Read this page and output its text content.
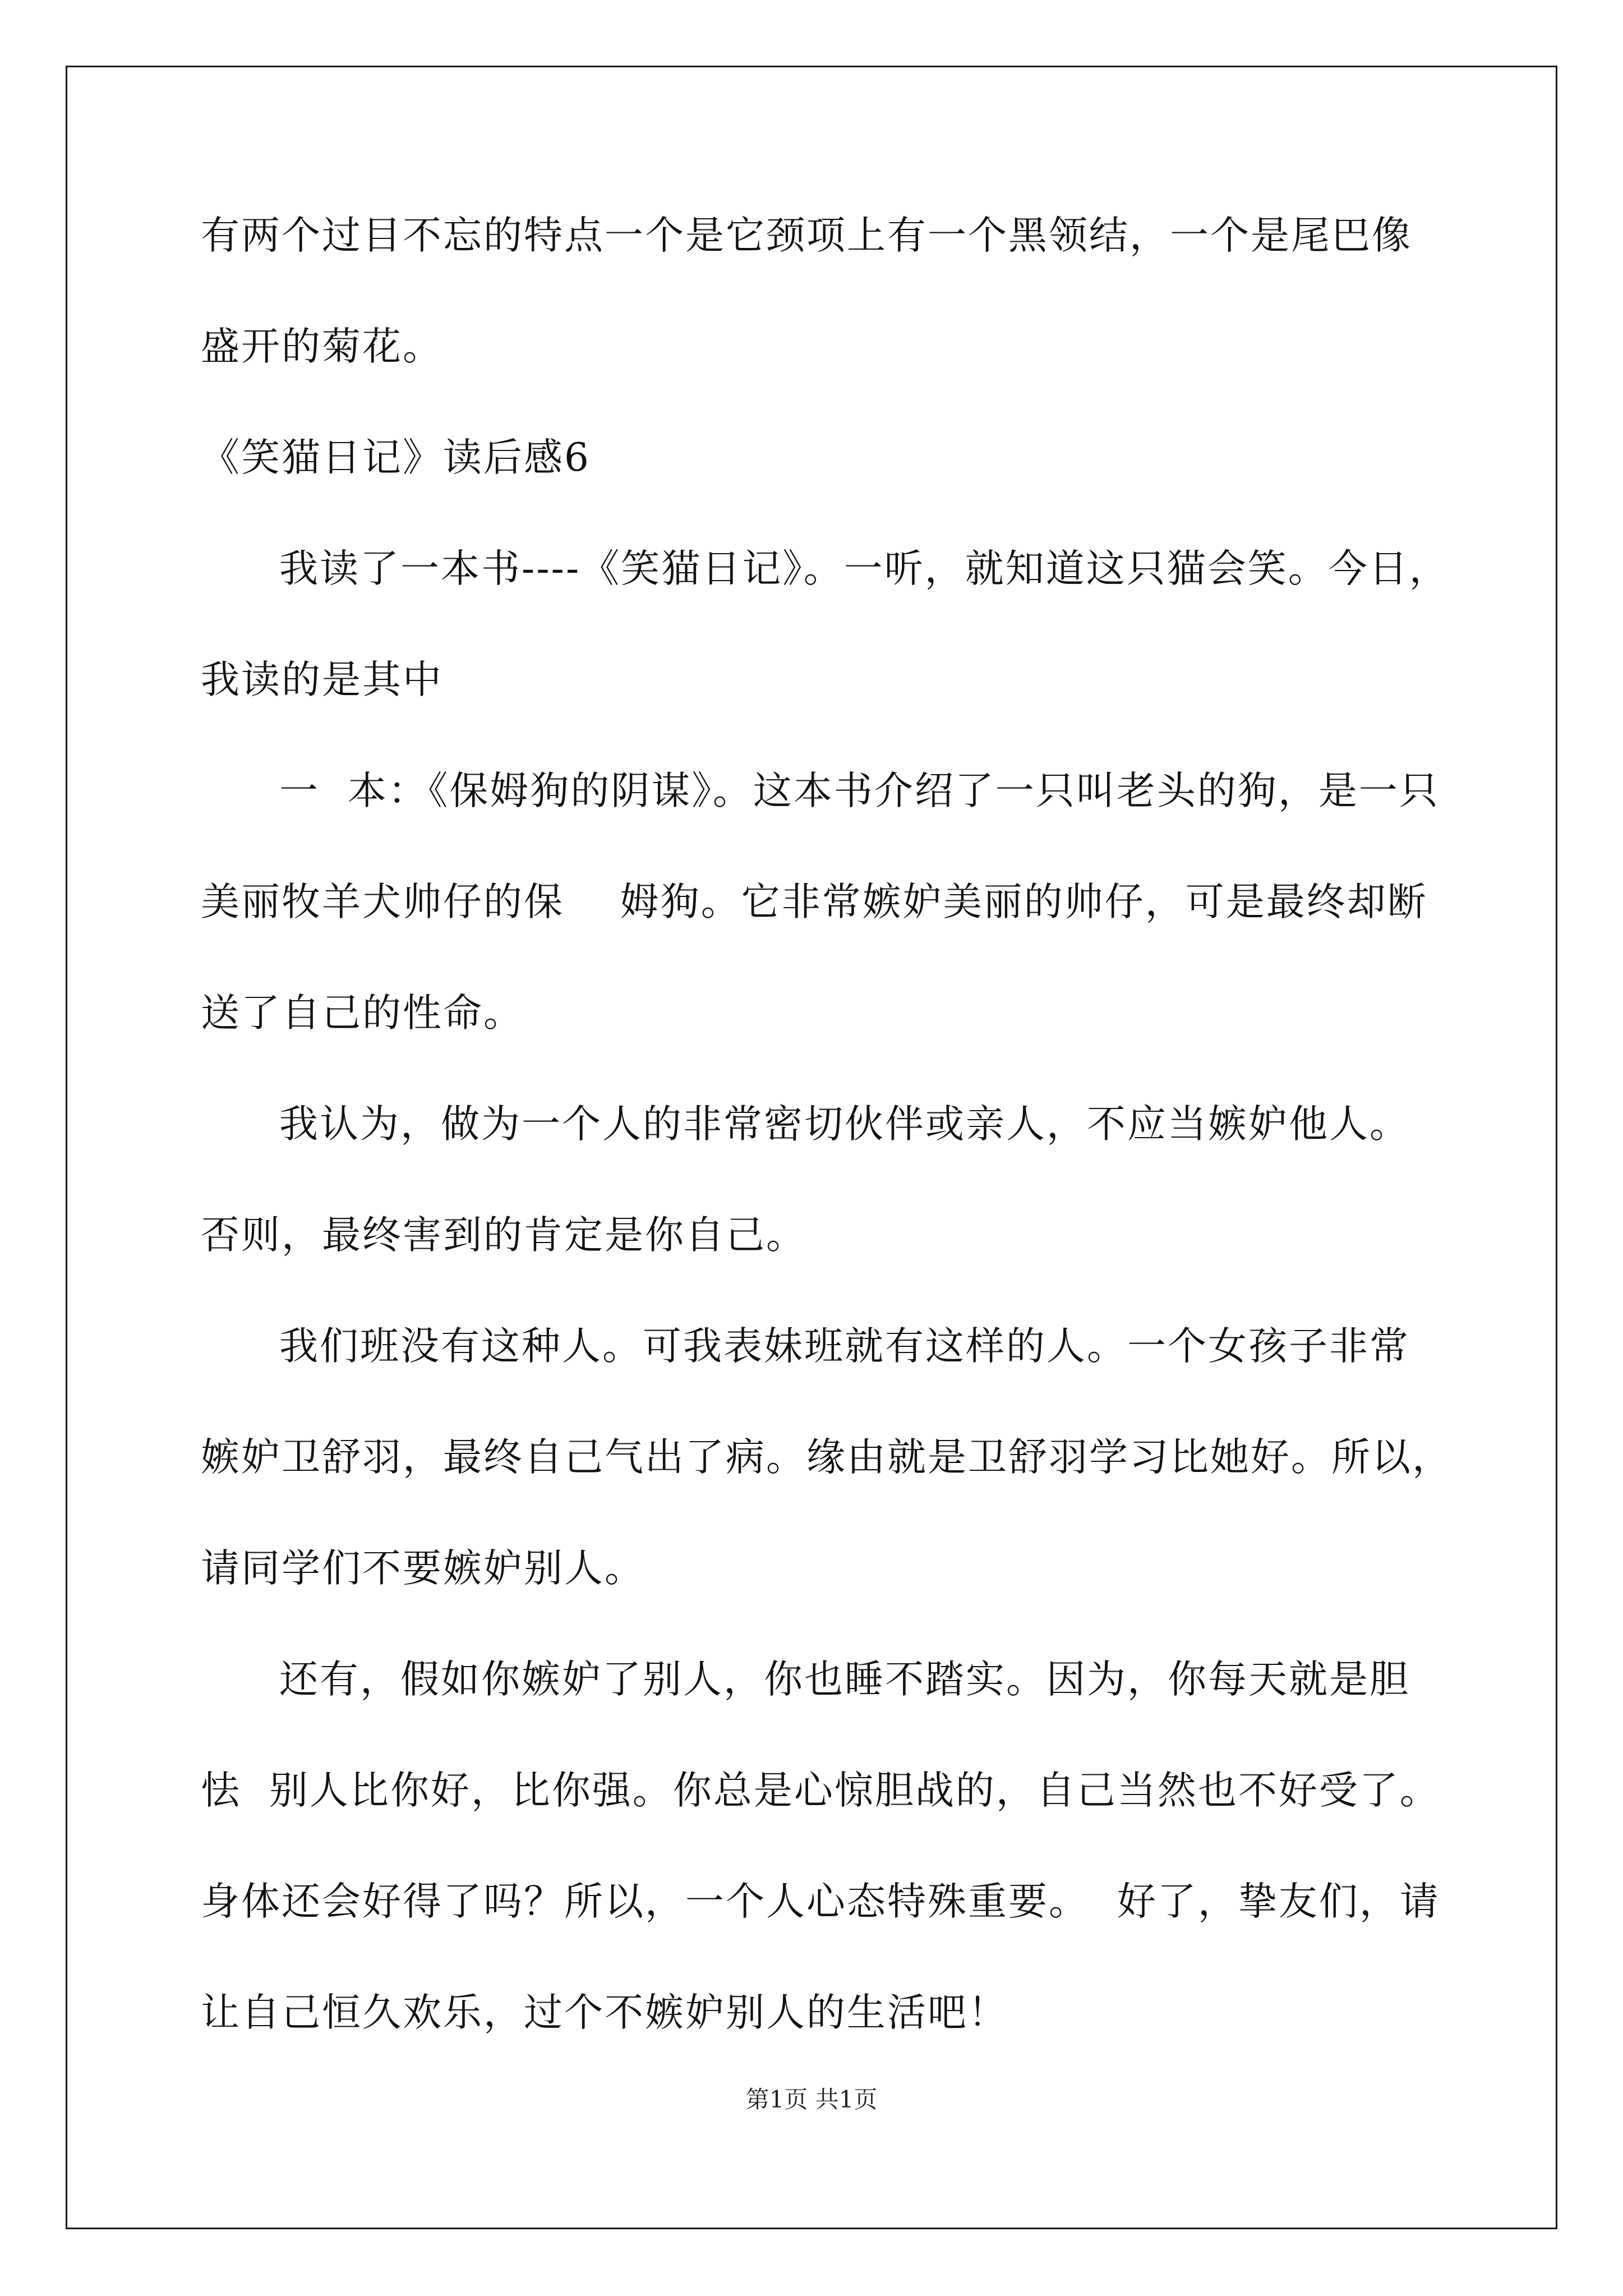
有两个过目不忘的特点一个是它颈项上有一个黑领结，一个是尾巴像
盛开的菊花。
《笑猫日记》读后感6
我读了一本书----《笑猫日记》。一听，就知道这只猫会笑。今日，
我读的是其中
一  本：《保姆狗的阴谋》。这本书介绍了一只叫老头的狗，是一只
美丽牧羊犬帅仔的保    姆狗。它非常嫉妒美丽的帅仔，可是最终却断
送了自己的性命。
我认为，做为一个人的非常密切伙伴或亲人，不应当嫉妒他人。
否则，最终害到的肯定是你自己。
我们班没有这种人。可我表妹班就有这样的人。一个女孩子非常
嫉妒卫舒羽，最终自己气出了病。缘由就是卫舒羽学习比她好。所以，
请同学们不要嫉妒别人。
还有，假如你嫉妒了别人，你也睡不踏实。因为，你每天就是胆
怯  别人比你好，比你强。你总是心惊胆战的，自己当然也不好受了。
身体还会好得了吗？所以，一个人心态特殊重要。  好了，挚友们，请
让自己恒久欢乐，过个不嫉妒别人的生活吧！
第1页 共1页
